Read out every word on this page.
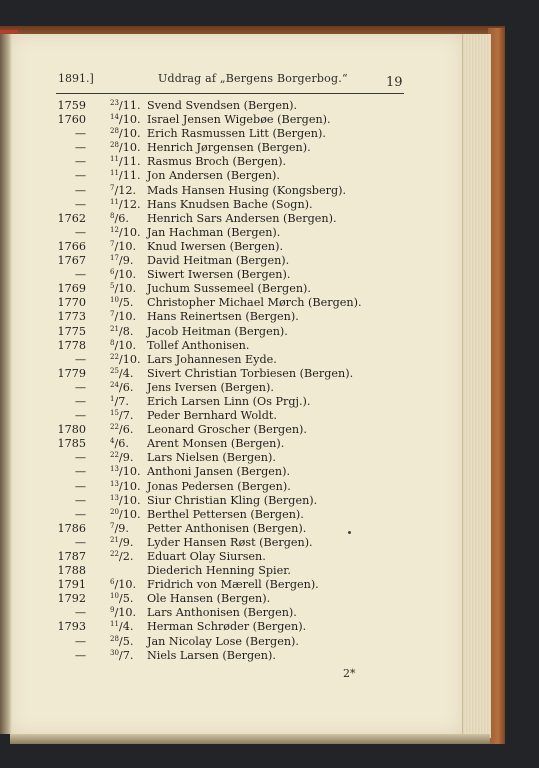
1891.]	Uddrag af „Bergens Borgerbog.“	19
1759	$^{23}$/11. Svend Svendsen (Bergen).
1760	$^{14}$/10. Israel Jensen Wigebøe (Bergen).
—	$^{28}$/10. Erich Rasmussen Litt (Bergen).
—	$^{28}$/10. Henrich Jørgensen (Bergen).
—	$^{11}$/11. Rasmus Broch (Bergen).
—	$^{11}$/11. Jon Andersen (Bergen).
—	$^7$/12. Mads Hansen Husing (Kongsberg).
—	$^{11}$/12. Hans Knudsen Bache (Sogn).
1762	$^8$/6. Henrich Sars Andersen (Bergen).
—	$^{12}$/10. Jan Hachman (Bergen).
1766	$^7$/10. Knud Iwersen (Bergen).
1767	$^{17}$/9. David Heitman (Bergen).
—	$^6$/10. Siwert Iwersen (Bergen).
1769	$^5$/10. Juchum Sussemeel (Bergen).
1770	$^{10}$/5. Christopher Michael Mørch (Bergen).
1773	$^7$/10. Hans Reinertsen (Bergen).
1775	$^{21}$/8. Jacob Heitman (Bergen).
1778	$^8$/10. Tollef Anthonisen.
—	$^{22}$/10. Lars Johannesen Eyde.
1779	$^{25}$/4. Sivert Christian Torbiesen (Bergen).
—	$^{24}$/6. Jens Iversen (Bergen).
—	$^1$/7. Erich Larsen Linn (Os Prgj.).
—	$^{15}$/7. Peder Bernhard Woldt.
1780	$^{22}$/6. Leonard Groscher (Bergen).
1785	$^4$/6. Arent Monsen (Bergen).
—	$^{22}$/9. Lars Nielsen (Bergen).
—	$^{13}$/10. Anthoni Jansen (Bergen).
—	$^{13}$/10. Jonas Pedersen (Bergen).
—	$^{13}$/10. Siur Christian Kling (Bergen).
—	$^{20}$/10. Berthel Pettersen (Bergen).
1786	$^7$/9. Petter Anthonisen (Bergen).
—	$^{21}$/9. Lyder Hansen Røst (Bergen).
1787	$^{22}$/2. Eduart Olay Siursen.
1788	Diederich Henning Spier.
1791	$^6$/10. Fridrich von Mærell (Bergen).
1792	$^{10}$/5. Ole Hansen (Bergen).
—	$^9$/10. Lars Anthonisen (Bergen).
1793	$^{11}$/4. Herman Schrøder (Bergen).
—	$^{28}$/5. Jan Nicolay Lose (Bergen).
—	$^{30}$/7. Niels Larsen (Bergen).
2*
